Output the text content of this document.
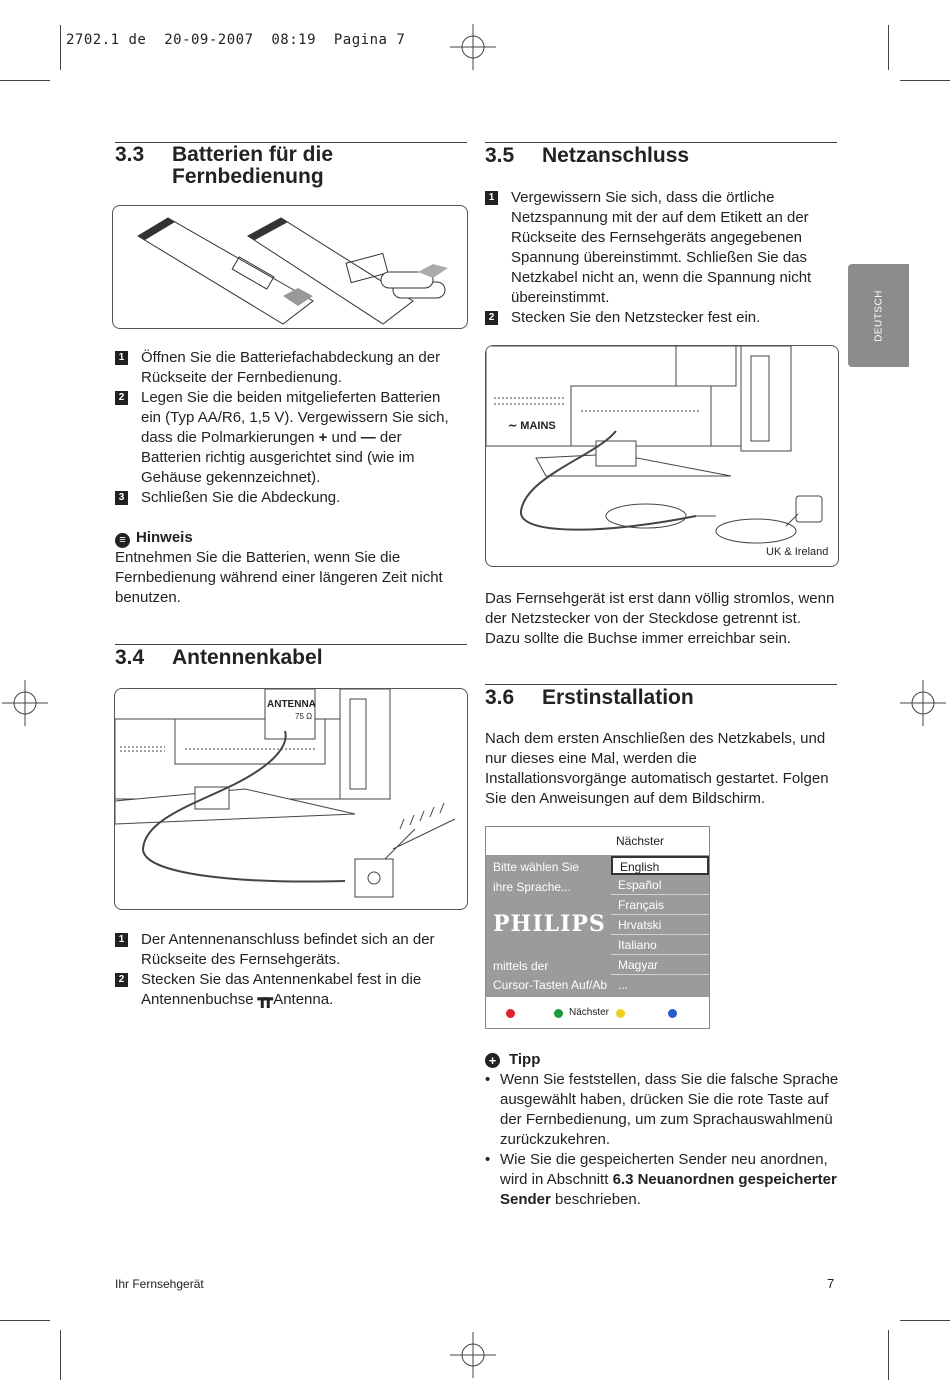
2702.1 de  20-09-2007  08:19  Pagina 7
DEUTSCH
3.3 Batterien für die
Fernbedienung
1 Öffnen Sie die Batteriefachabdeckung an der
Rückseite der Fernbedienung.
2 Legen Sie die beiden mitgelieferten Batterien
ein (Typ AA/R6, 1,5 V). Vergewissern Sie sich,
dass die Polmarkierungen + und — der
Batterien richtig ausgerichtet sind (wie im
Gehäuse gekennzeichnet).
3 Schließen Sie die Abdeckung.
≡ Hinweis
Entnehmen Sie die Batterien, wenn Sie die
Fernbedienung während einer längeren Zeit nicht
benutzen.
3.4 Antennenkabel
ANTENNA
75 Ω
1 Der Antennenanschluss befindet sich an der
Rückseite des Fernsehgeräts.
2 Stecken Sie das Antennenkabel fest in die
Antennenbuchse ┳┳ Antenna.
3.5 Netzanschluss
1 Vergewissern Sie sich, dass die örtliche
Netzspannung mit der auf dem Etikett an der
Rückseite des Fernsehgeräts angegebenen
Spannung übereinstimmt. Schließen Sie das
Netzkabel nicht an, wenn die Spannung nicht
übereinstimmt.
2 Stecken Sie den Netzstecker fest ein.
∼ MAINS
UK & Ireland
Das Fernsehgerät ist erst dann völlig stromlos, wenn
der Netzstecker von der Steckdose getrennt ist.
Dazu sollte die Buchse immer erreichbar sein.
3.6 Erstinstallation
Nach dem ersten Anschließen des Netzkabels, und
nur dieses eine Mal, werden die
Installationsvorgänge automatisch gestartet. Folgen
Sie den Anweisungen auf dem Bildschirm.
Nächster
Bitte wählen Sie
ihre Sprache...
PHILIPS
mittels der
Cursor-Tasten Auf/Ab
English
Español
Français
Hrvatski
Italiano
Magyar
...
Nächster
+ Tipp
• Wenn Sie feststellen, dass Sie die falsche Sprache
ausgewählt haben, drücken Sie die rote Taste auf
der Fernbedienung, um zum Sprachauswahlmenü
zurückzukehren.
• Wie Sie die gespeicherten Sender neu anordnen,
wird in Abschnitt 6.3 Neuanordnen gespeicherter
Sender beschrieben.
Ihr Fernsehgerät	7
